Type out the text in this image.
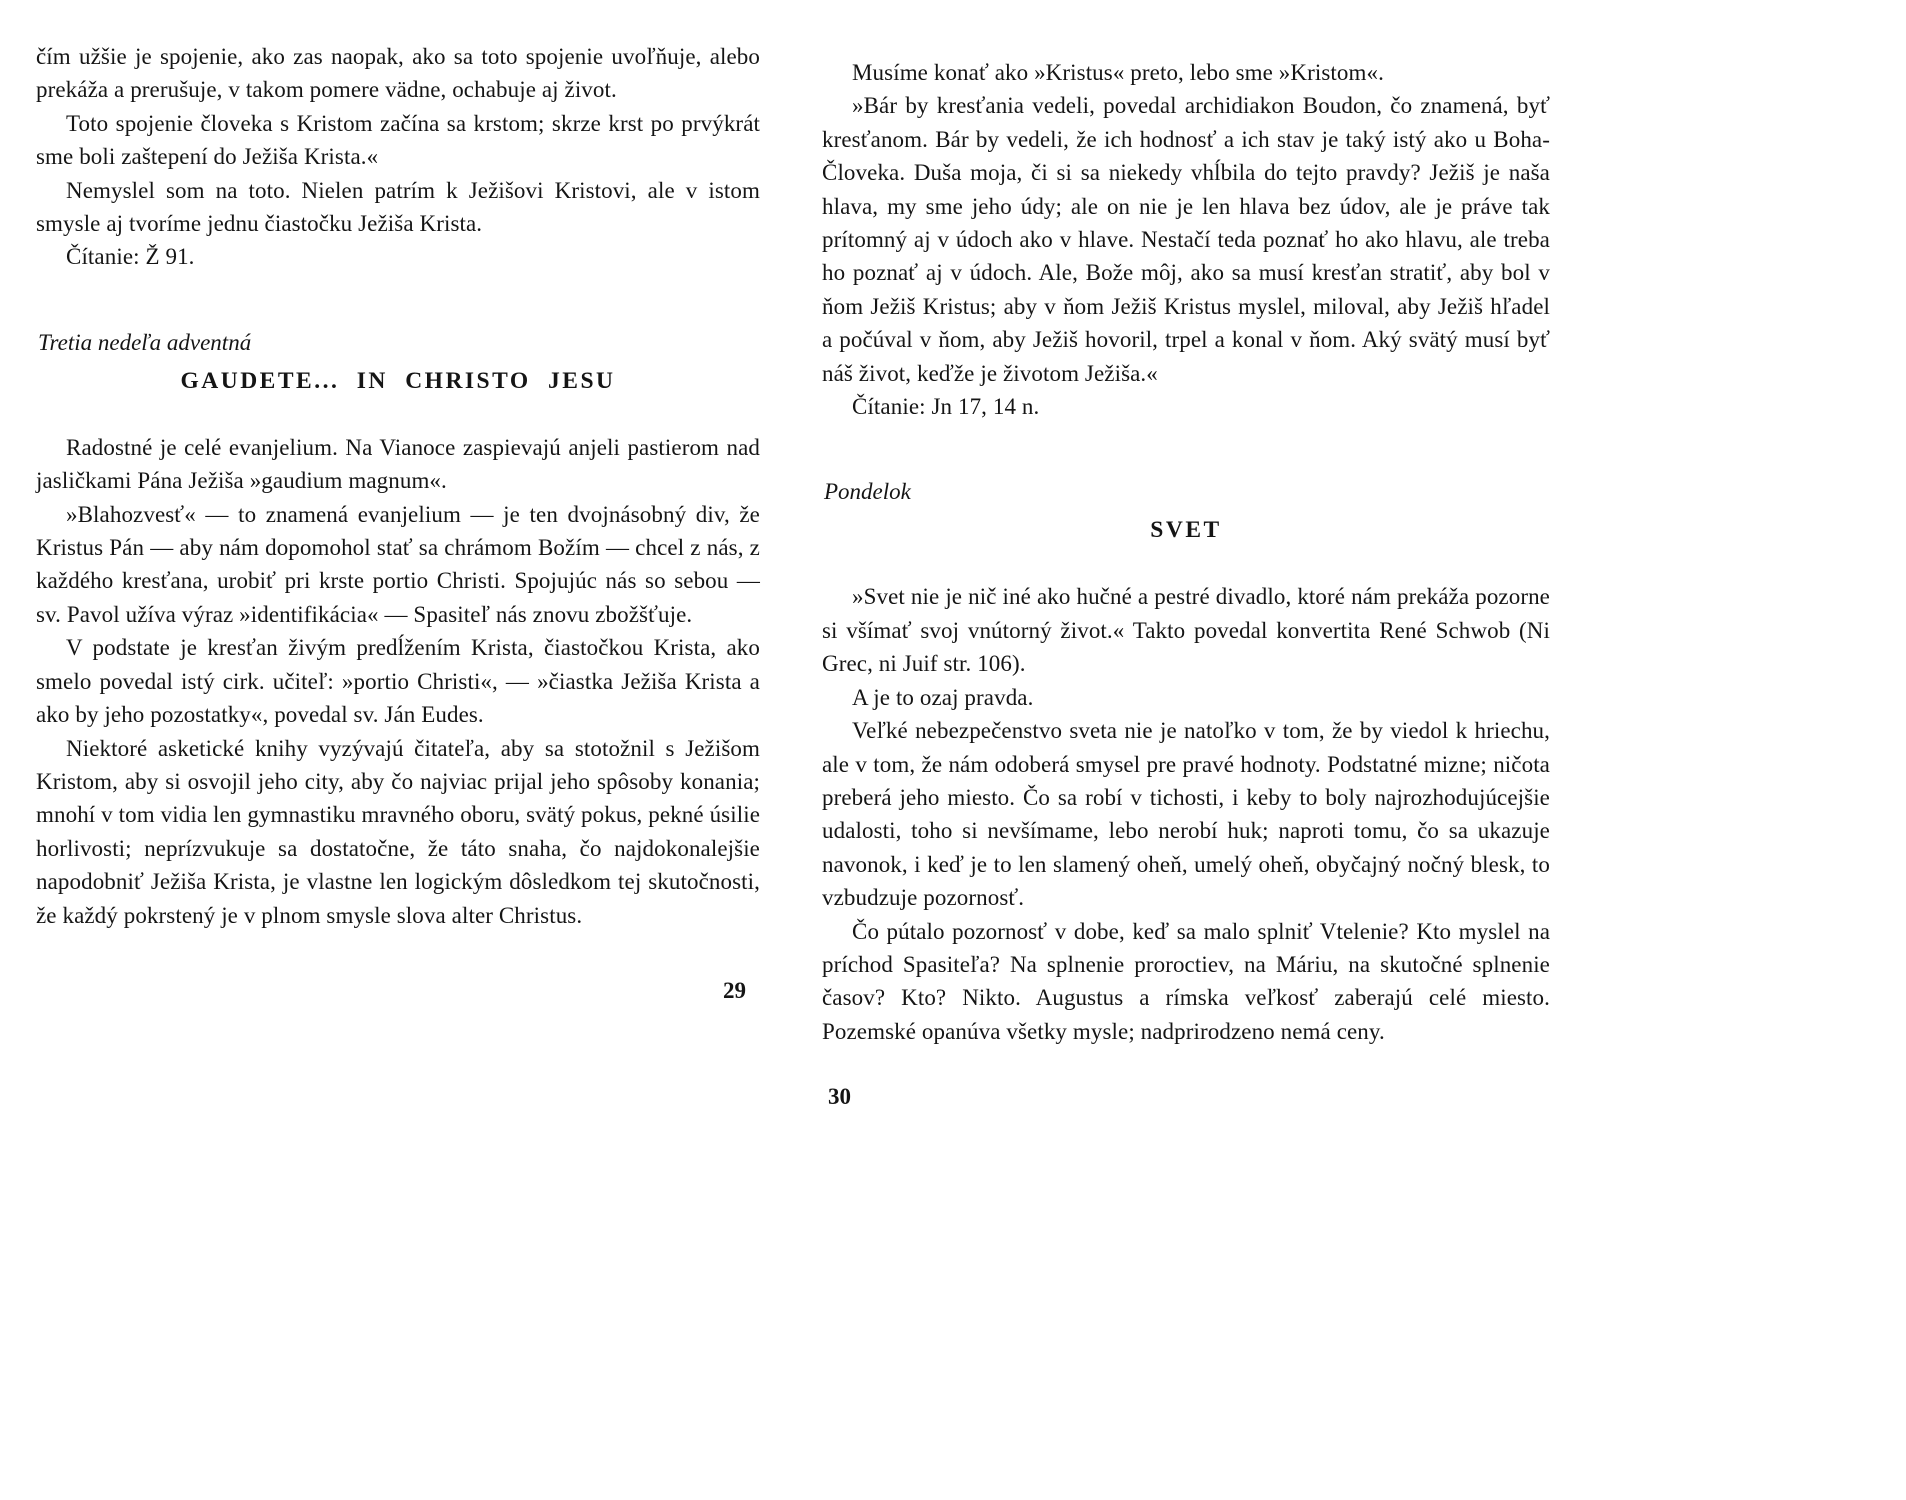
čím užšie je spojenie, ako zas naopak, ako sa toto spojenie uvoľňuje, alebo prekáža a prerušuje, v takom pomere vädne, ochabuje aj život.

Toto spojenie človeka s Kristom začína sa krstom; skrze krst po prvýkrát sme boli zaštepení do Ježiša Krista.«

Nemyslel som na toto. Nielen patrím k Ježišovi Kristovi, ale v istom smysle aj tvoríme jednu čiastočku Ježiša Krista.

Čítanie: Ž 91.

Tretia nedeľa adventná
GAUDETE... IN CHRISTO JESU

Radostné je celé evanjelium. Na Vianoce zaspievajú anjeli pastierom nad jasličkami Pána Ježiša »gaudium magnum«.

»Blahozvesť« — to znamená evanjelium — je ten dvojnásobný div, že Kristus Pán — aby nám dopomohol stať sa chrámom Božím — chcel z nás, z každého kresťana, urobiť pri krste portio Christi. Spojujúc nás so sebou — sv. Pavol užíva výraz »identifikácia« — Spasiteľ nás znovu zbožšťuje.

V podstate je kresťan živým predĺžením Krista, čiastočkou Krista, ako smelo povedal istý cirk. učiteľ: »portio Christi«, — »čiastka Ježiša Krista a ako by jeho pozostatky«, povedal sv. Ján Eudes.

Niektoré asketické knihy vyzývajú čitateľa, aby sa stotožnil s Ježišom Kristom, aby si osvojil jeho city, aby čo najviac prijal jeho spôsoby konania; mnohí v tom vidia len gymnastiku mravného oboru, svätý pokus, pekné úsilie horlivosti; neprízvukuje sa dostatočne, že táto snaha, čo najdokonalejšie napodobniť Ježiša Krista, je vlastne len logickým dôsledkom tej skutočnosti, že každý pokrstený je v plnom smysle slova alter Christus.

29

Musíme konať ako »Kristus« preto, lebo sme »Kristom«.

»Bár by kresťania vedeli, povedal archidiakon Boudon, čo znamená, byť kresťanom. Bár by vedeli, že ich hodnosť a ich stav je taký istý ako u Boha-Človeka. Duša moja, či si sa niekedy vhĺbila do tejto pravdy? Ježiš je naša hlava, my sme jeho údy; ale on nie je len hlava bez údov, ale je práve tak prítomný aj v údoch ako v hlave. Nestačí teda poznať ho ako hlavu, ale treba ho poznať aj v údoch. Ale, Bože môj, ako sa musí kresťan stratiť, aby bol v ňom Ježiš Kristus; aby v ňom Ježiš Kristus myslel, miloval, aby Ježiš hľadel a počúval v ňom, aby Ježiš hovoril, trpel a konal v ňom. Aký svätý musí byť náš život, keďže je životom Ježiša.«

Čítanie: Jn 17, 14 n.

Pondelok
SVET

»Svet nie je nič iné ako hučné a pestré divadlo, ktoré nám prekáža pozorne si všímať svoj vnútorný život.« Takto povedal konvertita René Schwob (Ni Grec, ni Juif str. 106).

A je to ozaj pravda.

Veľké nebezpečenstvo sveta nie je natoľko v tom, že by viedol k hriechu, ale v tom, že nám odoberá smysel pre pravé hodnoty. Podstatné mizne; ničota preberá jeho miesto. Čo sa robí v tichosti, i keby to boly najrozhodujúcejšie udalosti, toho si nevšímame, lebo nerobí huk; naproti tomu, čo sa ukazuje navonok, i keď je to len slamený oheň, umelý oheň, obyčajný nočný blesk, to vzbudzuje pozornosť.

Čo pútalo pozornosť v dobe, keď sa malo splniť Vtelenie? Kto myslel na príchod Spasiteľa? Na splnenie proroctiev, na Máriu, na skutočné splnenie časov? Kto? Nikto. Augustus a rímska veľkosť zaberajú celé miesto. Pozemské opanúva všetky mysle; nadprirodzeno nemá ceny.

30
